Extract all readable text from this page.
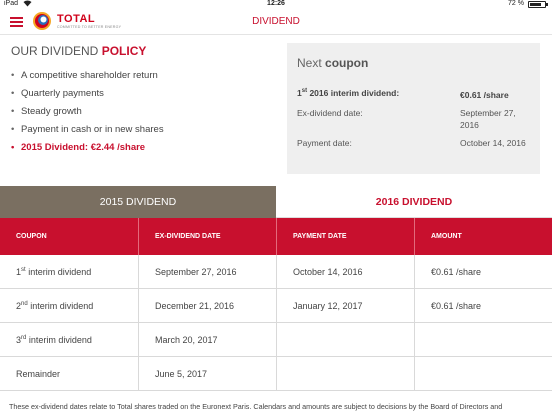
iPad	12:26	72 %
TOTAL
COMMITTED TO BETTER ENERGY	DIVIDEND
OUR DIVIDEND POLICY
• A competitive shareholder return
• Quarterly payments
• Steady growth
• Payment in cash or in new shares
• 2015 Dividend: €2.44 /share
Next coupon
1st 2016 interim dividend:	€0.61 /share
Ex-dividend date:	September 27,
2016
Payment date:	October 14, 2016
2015 DIVIDEND	2016 DIVIDEND
COUPON	EX-DIVIDEND DATE	PAYMENT DATE	AMOUNT
1st interim dividend	September 27, 2016	October 14, 2016	€0.61 /share
2nd interim dividend	December 21, 2016	January 12, 2017	€0.61 /share
3rd interim dividend	March 20, 2017
Remainder	June 5, 2017
These ex-dividend dates relate to Total shares traded on the Euronext Paris. Calendars and amounts are subject to decisions by the Board of Directors and
